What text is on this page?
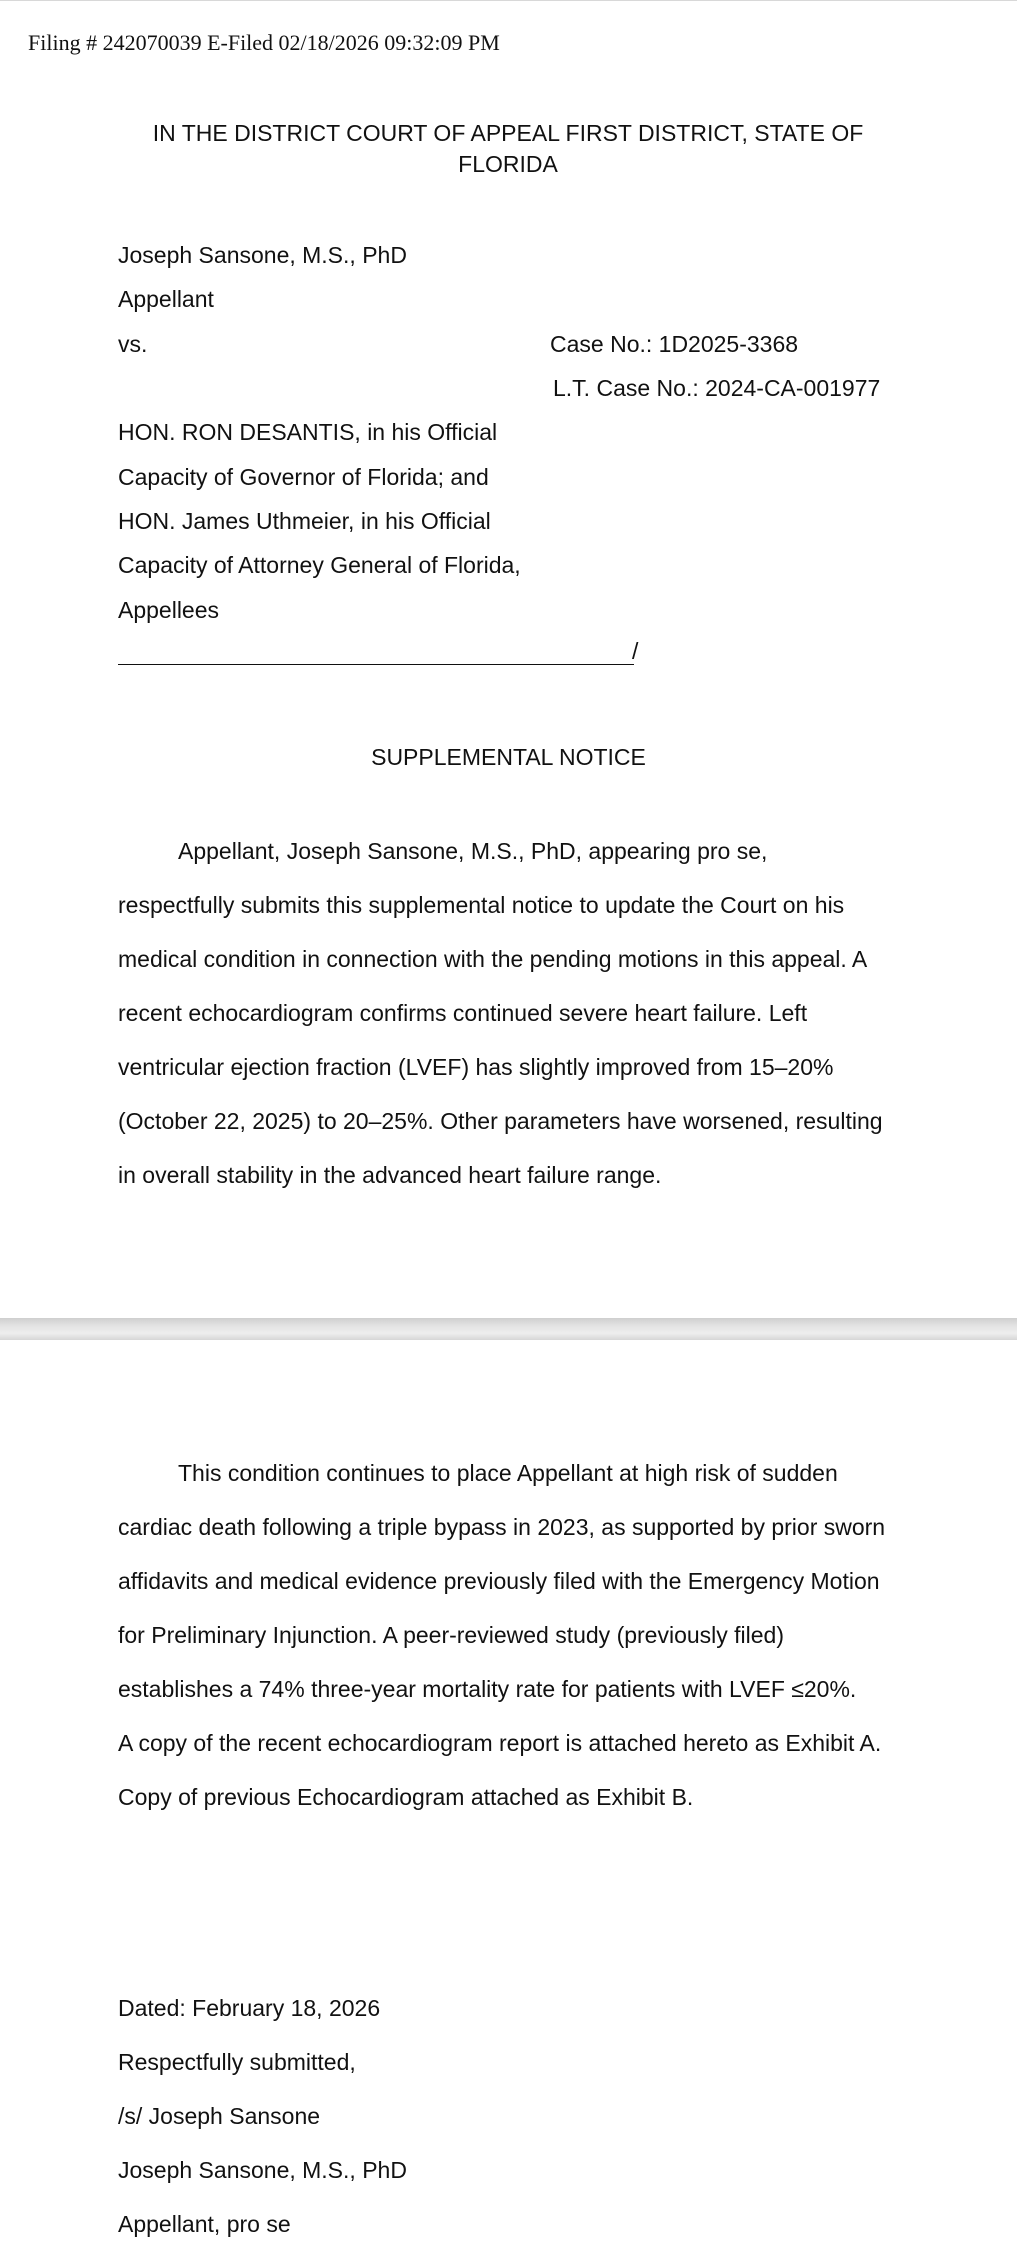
Filing # 242070039 E-Filed 02/18/2026 09:32:09 PM
IN THE DISTRICT COURT OF APPEAL FIRST DISTRICT, STATE OF FLORIDA
Joseph Sansone, M.S., PhD
Appellant
vs.	Case No.: 1D2025-3368
L.T. Case No.: 2024-CA-001977
HON. RON DESANTIS, in his Official
Capacity of Governor of Florida; and
HON. James Uthmeier, in his Official
Capacity of Attorney General of Florida,
Appellees
/
SUPPLEMENTAL NOTICE
Appellant, Joseph Sansone, M.S., PhD, appearing pro se,
respectfully submits this supplemental notice to update the Court on his
medical condition in connection with the pending motions in this appeal. A
recent echocardiogram confirms continued severe heart failure. Left
ventricular ejection fraction (LVEF) has slightly improved from 15–20%
(October 22, 2025) to 20–25%. Other parameters have worsened, resulting
in overall stability in the advanced heart failure range.
This condition continues to place Appellant at high risk of sudden
cardiac death following a triple bypass in 2023, as supported by prior sworn
affidavits and medical evidence previously filed with the Emergency Motion
for Preliminary Injunction. A peer-reviewed study (previously filed)
establishes a 74% three-year mortality rate for patients with LVEF ≤20%.
A copy of the recent echocardiogram report is attached hereto as Exhibit A.
Copy of previous Echocardiogram attached as Exhibit B.
Dated: February 18, 2026
Respectfully submitted,
/s/ Joseph Sansone
Joseph Sansone, M.S., PhD
Appellant, pro se
